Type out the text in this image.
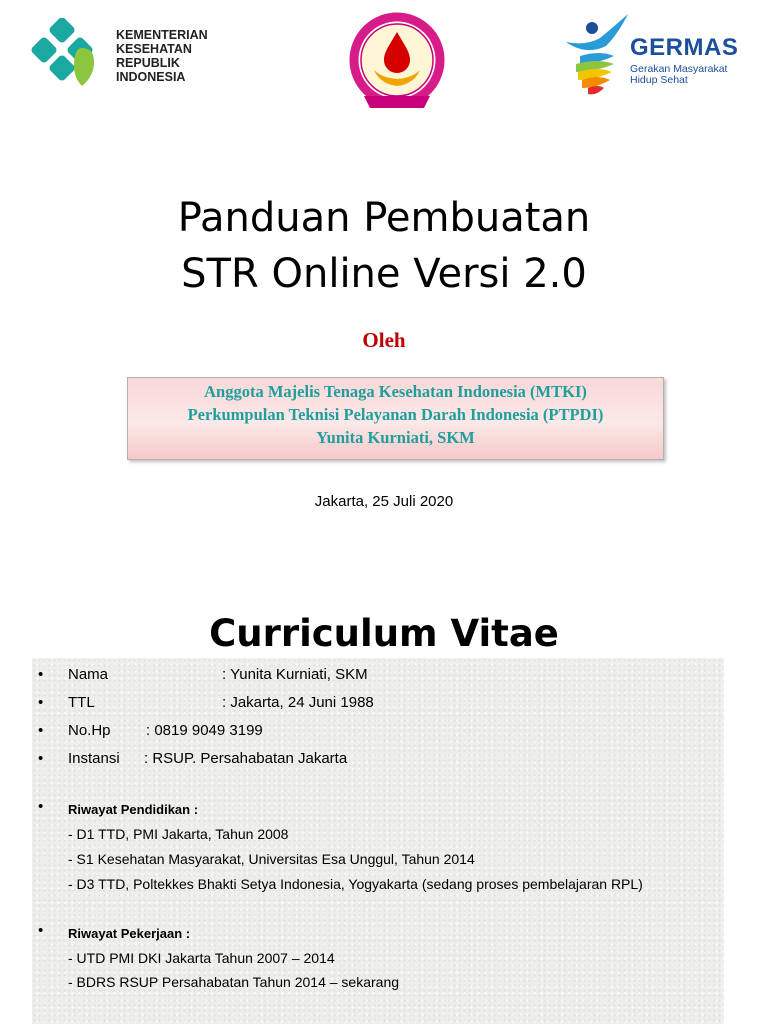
KEMENTERIAN
KESEHATAN
REPUBLIK
INDONESIA
GERMAS
Gerakan Masyarakat
Hidup Sehat
Panduan Pembuatan
STR Online Versi 2.0
Oleh
Anggota Majelis Tenaga Kesehatan Indonesia (MTKI)
Perkumpulan Teknisi Pelayanan Darah Indonesia (PTPDI)
Yunita Kurniati, SKM
Jakarta, 25 Juli 2020
Curriculum Vitae
• Nama	: Yunita Kurniati, SKM
• TTL	: Jakarta, 24 Juni 1988
• No.Hp : 0819 9049 3199
• Instansi : RSUP. Persahabatan Jakarta
• Riwayat Pendidikan :
- D1 TTD, PMI Jakarta, Tahun 2008
- S1 Kesehatan Masyarakat, Universitas Esa Unggul, Tahun 2014
- D3 TTD, Poltekkes Bhakti Setya Indonesia, Yogyakarta (sedang proses pembelajaran RPL)
• Riwayat Pekerjaan :
- UTD PMI DKI Jakarta Tahun 2007 – 2014
- BDRS RSUP Persahabatan Tahun 2014 – sekarang
